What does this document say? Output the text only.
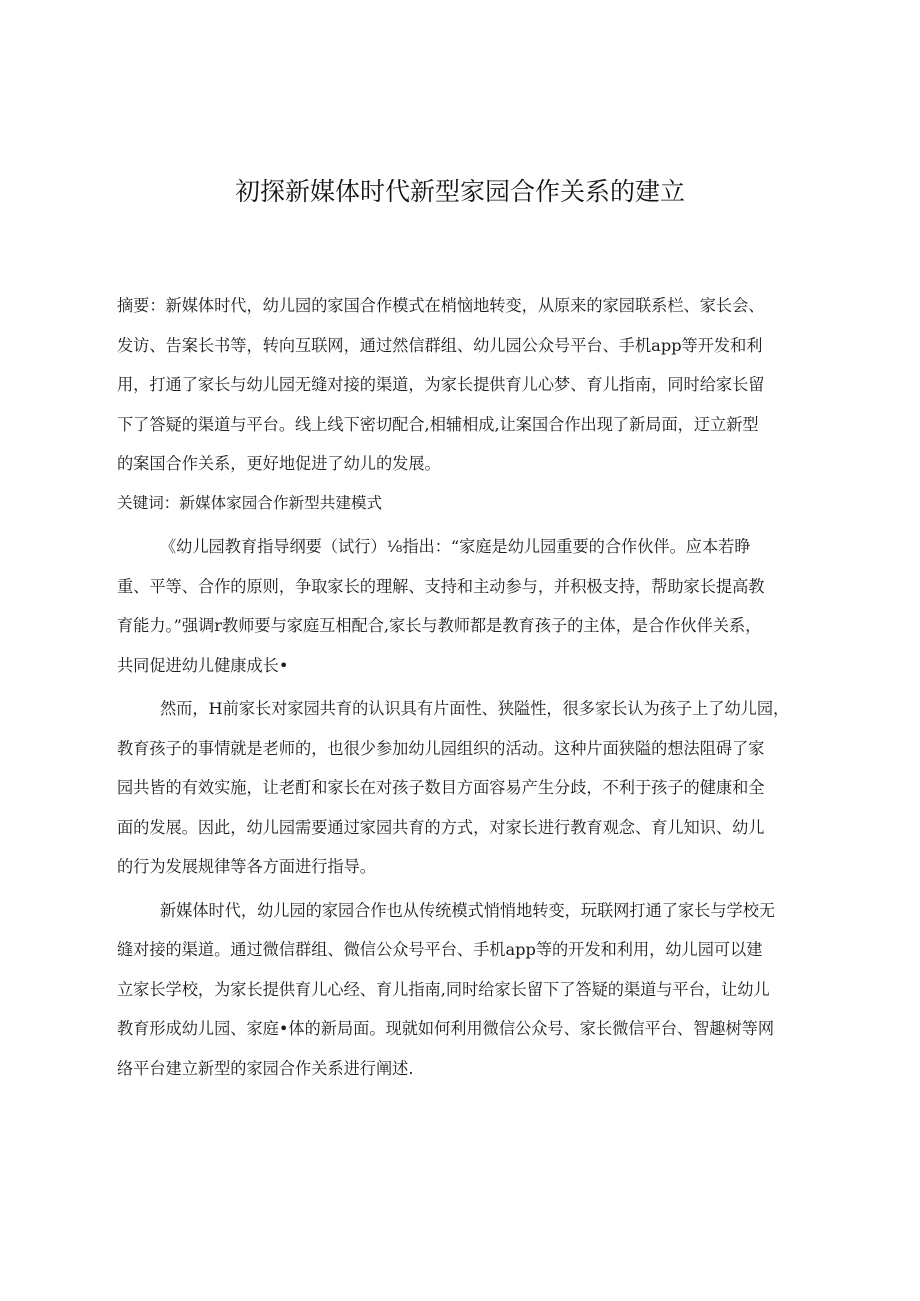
初探新媒体时代新型家园合作关系的建立
摘要：新媒体时代，幼儿园的家国合作模式在梢恼地转变，从原来的家园联系栏、家长会、
发访、告案长书等，转向互联网，通过然信群组、幼儿园公众号平台、手机app等开发和利
用，打通了家长与幼儿园无缝对接的渠道，为家长提供育儿心梦、育儿指南，同时给家长留
下了答疑的渠道与平台。线上线下密切配合,相辅相成,让案国合作出现了新局面，迂立新型
的案国合作关系，更好地促进了幼儿的发展。
关键词：新媒体家园合作新型共建模式
《幼儿园教育指导纲要（试行）⅛指出：“家庭是幼儿园重要的合作伙伴。应本若睁
重、平等、合作的原则，争取家长的理解、支持和主动参与，并积极支持，帮助家长提高教
育能力。”强调r教师要与家庭互相配合,家长与教师都是教育孩子的主体，是合作伙伴关系，
共同促进幼儿健康成长•
然而，H前家长对家园共育的认识具有片面性、狭隘性，很多家长认为孩子上了幼儿园，
教育孩子的事情就是老师的，也很少参加幼儿园组织的活动。这种片面狭隘的想法阻碍了家
园共皆的有效实施，让老酊和家长在对孩子数目方面容易产生分歧，不利于孩子的健康和全
面的发展。因此，幼儿园需要通过家园共育的方式，对家长进行教育观念、育儿知识、幼儿
的行为发展规律等各方面进行指导。
新媒体时代，幼儿园的家园合作也从传统模式悄悄地转变，玩联网打通了家长与学校无
缝对接的渠道。通过微信群组、微信公众号平台、手机app等的开发和利用，幼儿园可以建
立家长学校，为家长提供育儿心经、育儿指南,同时给家长留下了答疑的渠道与平台，让幼儿
教育形成幼儿园、家庭•体的新局面。现就如何利用微信公众号、家长微信平台、智趣树等网
络平台建立新型的家园合作关系进行阐述.
